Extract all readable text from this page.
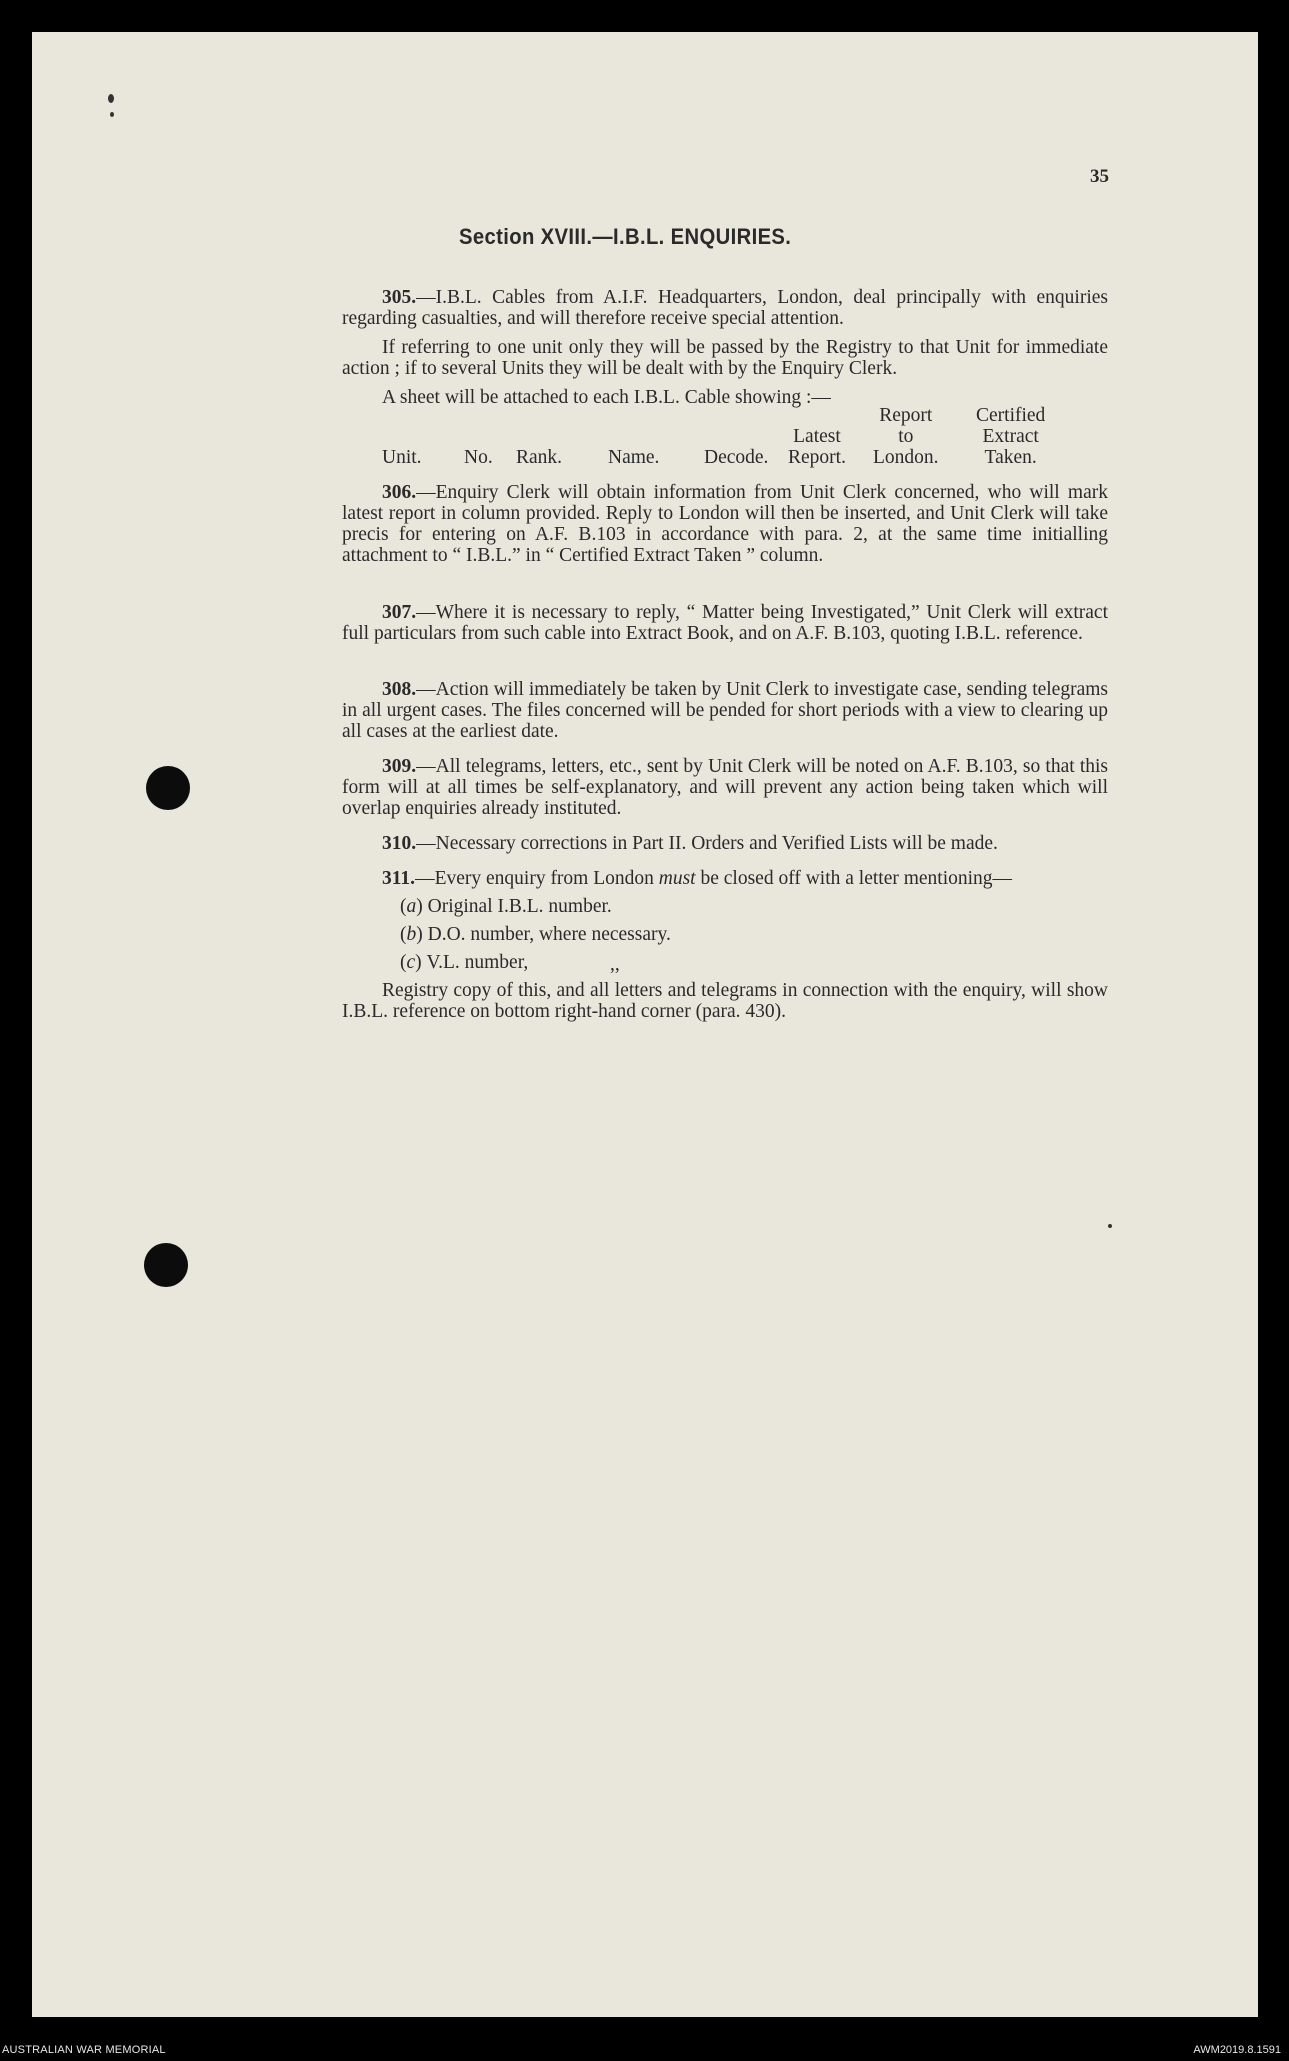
35
Section XVIII.—I.B.L. ENQUIRIES.
305.—I.B.L. Cables from A.I.F. Headquarters, London, deal principally with enquiries regarding casualties, and will therefore receive special attention.
If referring to one unit only they will be passed by the Registry to that Unit for immediate action ; if to several Units they will be dealt with by the Enquiry Clerk.
A sheet will be attached to each I.B.L. Cable showing :—
Unit. No. Rank. Name. Decode.
Latest
Report.
Report
to
London.
Certified
Extract
Taken.
306.—Enquiry Clerk will obtain information from Unit Clerk concerned, who will mark latest report in column provided. Reply to London will then be inserted, and Unit Clerk will take precis for entering on A.F. B.103 in accordance with para. 2, at the same time initialling attachment to “ I.B.L.” in “ Certified Extract Taken ” column.
307.—Where it is necessary to reply, “ Matter being Investigated,” Unit Clerk will extract full particulars from such cable into Extract Book, and on A.F. B.103, quoting I.B.L. reference.
308.—Action will immediately be taken by Unit Clerk to investigate case, sending telegrams in all urgent cases. The files concerned will be pended for short periods with a view to clearing up all cases at the earliest date.
309.—All telegrams, letters, etc., sent by Unit Clerk will be noted on A.F. B.103, so that this form will at all times be self-explanatory, and will prevent any action being taken which will overlap enquiries already instituted.
310.—Necessary corrections in Part II. Orders and Verified Lists will be made.
311.—Every enquiry from London must be closed off with a letter mentioning—
(a) Original I.B.L. number.
(b) D.O. number, where necessary.
(c) V.L. number,	,,
Registry copy of this, and all letters and telegrams in connection with the enquiry, will show I.B.L. reference on bottom right-hand corner (para. 430).
AUSTRALIAN WAR MEMORIAL	AWM2019.8.1591
